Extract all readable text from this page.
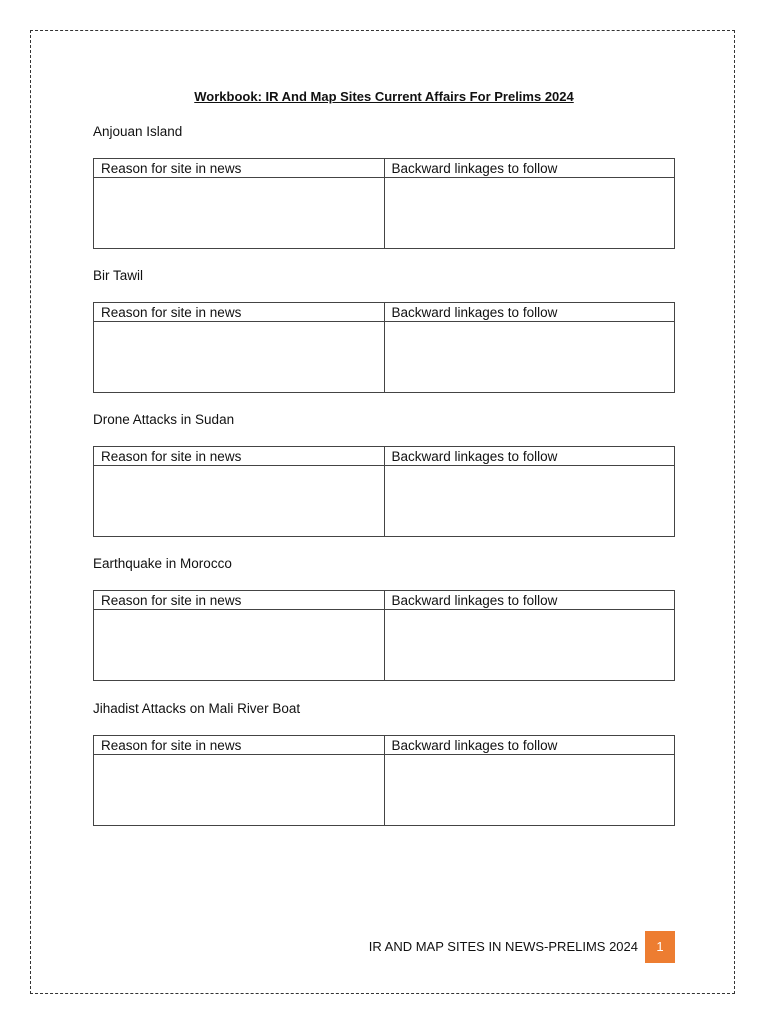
Workbook: IR And Map Sites Current Affairs For Prelims 2024

Anjouan Island

Reason for site in news	Backward linkages to follow

Bir Tawil

Reason for site in news	Backward linkages to follow

Drone Attacks in Sudan

Reason for site in news	Backward linkages to follow

Earthquake in Morocco

Reason for site in news	Backward linkages to follow

Jihadist Attacks on Mali River Boat

Reason for site in news	Backward linkages to follow

IR AND MAP SITES IN NEWS-PRELIMS 2024	1
